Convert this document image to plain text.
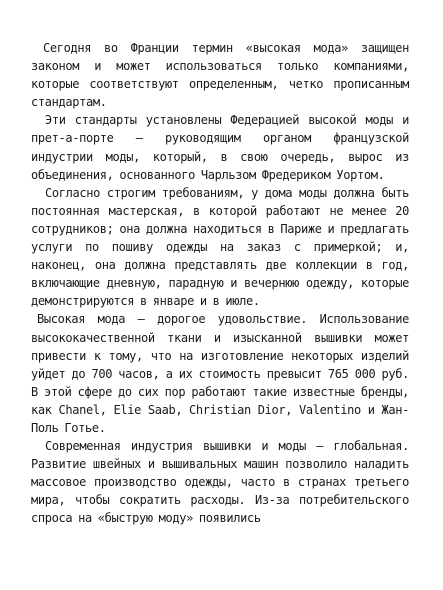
Сегодня во Франции термин «высокая мода» защищен законом и может использоваться только компаниями, которые соответствуют определенным, четко прописанным стандартам.

Эти стандарты установлены Федерацией высокой моды и прет-а-порте — руководящим органом французской индустрии моды, который, в свою очередь, вырос из объединения, основанного Чарльзом Фредериком Уортом.

Согласно строгим требованиям, у дома моды должна быть постоянная мастерская, в которой работают не менее 20 сотрудников; она должна находиться в Париже и предлагать услуги по пошиву одежды на заказ с примеркой; и, наконец, она должна представлять две коллекции в год, включающие дневную, парадную и вечернюю одежду, которые демонстрируются в январе и в июле.

Высокая мода — дорогое удовольствие. Использование высококачественной ткани и изысканной вышивки может привести к тому, что на изготовление некоторых изделий уйдет до 700 часов, а их стоимость превысит 765 000 руб. В этой сфере до сих пор работают такие известные бренды, как Chanel, Elie Saab, Christian Dior, Valentino и Жан-Поль Готье.

Современная индустрия вышивки и моды — глобальная. Развитие швейных и вышивальных машин позволило наладить массовое производство одежды, часто в странах третьего мира, чтобы сократить расходы. Из-за потребительского спроса на «быструю моду» появились
